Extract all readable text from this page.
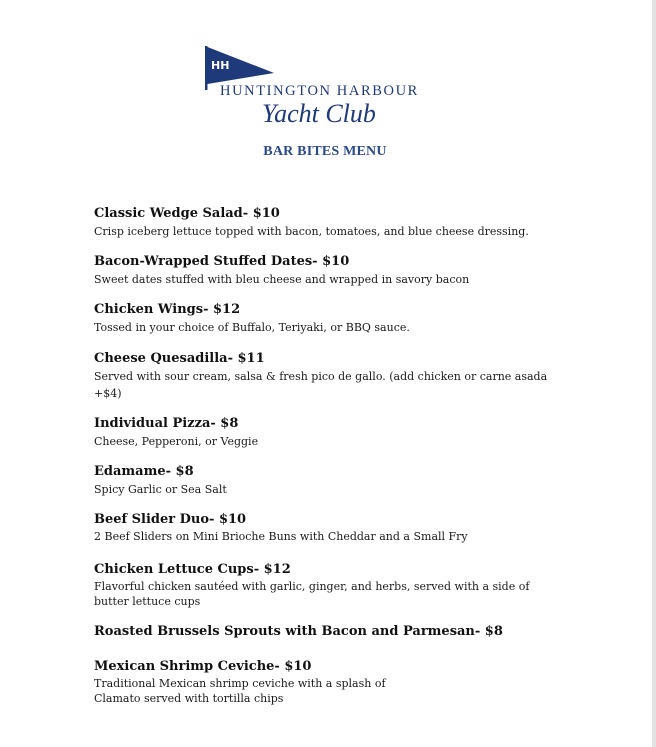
HH
HUNTINGTON HARBOUR
Yacht Club
BAR BITES MENU
Classic Wedge Salad- $10
Crisp iceberg lettuce topped with bacon, tomatoes, and blue cheese dressing.
Bacon-Wrapped Stuffed Dates- $10
Sweet dates stuffed with bleu cheese and wrapped in savory bacon
Chicken Wings- $12
Tossed in your choice of Buffalo, Teriyaki, or BBQ sauce.
Cheese Quesadilla- $11
Served with sour cream, salsa & fresh pico de gallo. (add chicken or carne asada +$4)
Individual Pizza- $8
Cheese, Pepperoni, or Veggie
Edamame- $8
Spicy Garlic or Sea Salt
Beef Slider Duo- $10
2 Beef Sliders on Mini Brioche Buns with Cheddar and a Small Fry
Chicken Lettuce Cups- $12
Flavorful chicken sautéed with garlic, ginger, and herbs, served with a side of butter lettuce cups
Roasted Brussels Sprouts with Bacon and Parmesan- $8
Mexican Shrimp Ceviche- $10
Traditional Mexican shrimp ceviche with a splash of Clamato served with tortilla chips
